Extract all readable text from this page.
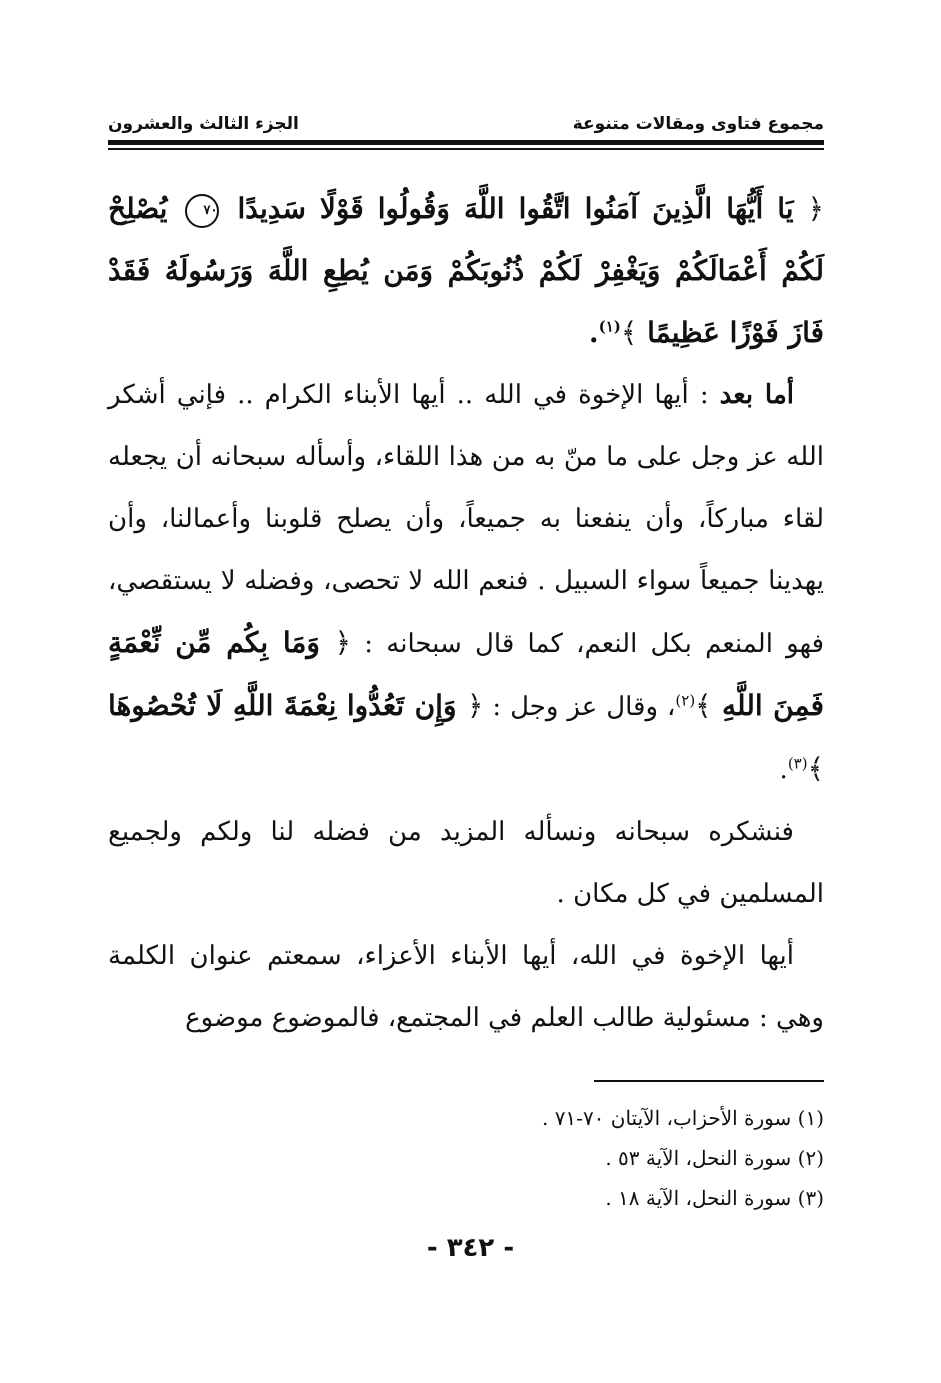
مجموع فتاوى ومقالات متنوعة
الجزء الثالث والعشرون

﴿ يَا أَيُّهَا الَّذِينَ آمَنُوا اتَّقُوا اللَّهَ وَقُولُوا قَوْلًا سَدِيدًا ٧٠ يُصْلِحْ لَكُمْ أَعْمَالَكُمْ وَيَغْفِرْ لَكُمْ ذُنُوبَكُمْ وَمَن يُطِعِ اللَّهَ وَرَسُولَهُ فَقَدْ فَازَ فَوْزًا عَظِيمًا ﴾$^{(١)}$.

أما بعد : أيها الإخوة في الله .. أيها الأبناء الكرام .. فإني أشكر الله عز وجل على ما منّ به من هذا اللقاء، وأسأله سبحانه أن يجعله لقاء مباركاً، وأن ينفعنا به جميعاً، وأن يصلح قلوبنا وأعمالنا، وأن يهدينا جميعاً سواء السبيل . فنعم الله لا تحصى، وفضله لا يستقصي، فهو المنعم بكل النعم، كما قال سبحانه : ﴿ وَمَا بِكُم مِّن نِّعْمَةٍ فَمِنَ اللَّهِ ﴾$^{(٢)}$، وقال عز وجل : ﴿ وَإِن تَعُدُّوا نِعْمَةَ اللَّهِ لَا تُحْصُوهَا ﴾$^{(٣)}$.

فنشكره سبحانه ونسأله المزيد من فضله لنا ولكم ولجميع المسلمين في كل مكان .

أيها الإخوة في الله، أيها الأبناء الأعزاء، سمعتم عنوان الكلمة وهي : مسئولية طالب العلم في المجتمع، فالموضوع موضوع

(١) سورة الأحزاب، الآيتان ٧٠-٧١ .
(٢) سورة النحل، الآية ٥٣ .
(٣) سورة النحل، الآية ١٨ .
- ٣٤٢ -
